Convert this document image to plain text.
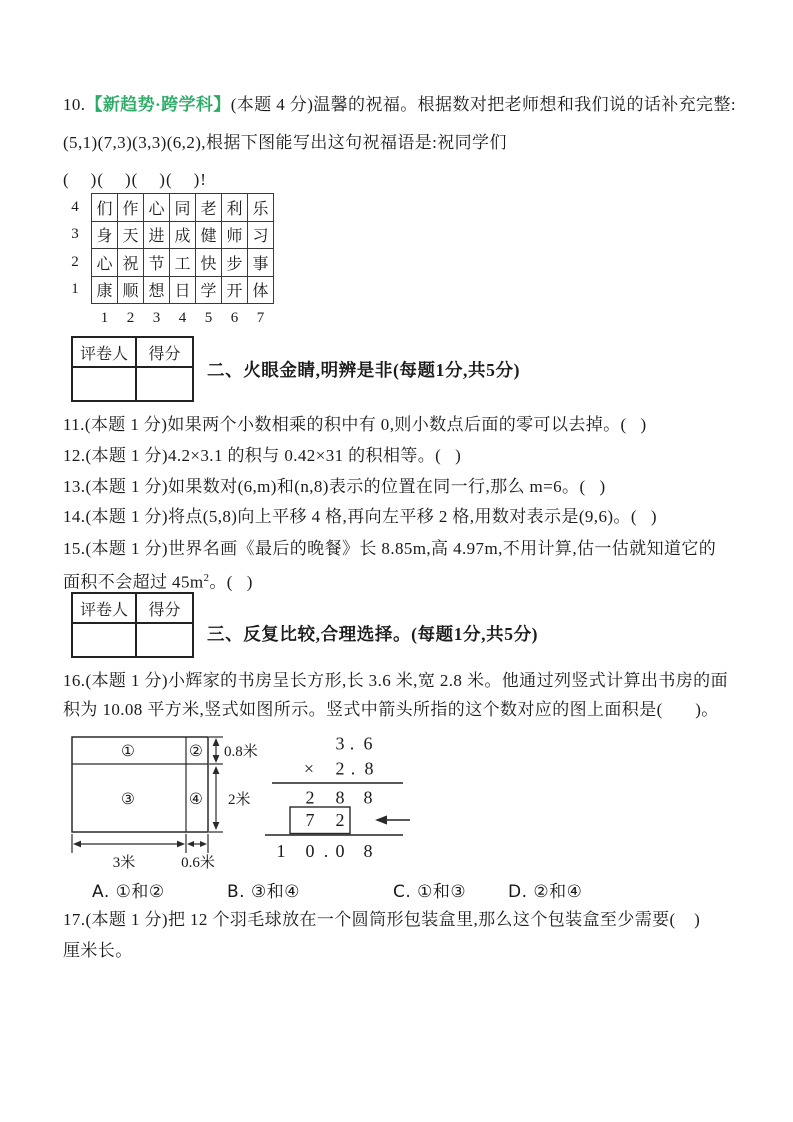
10.【新趋势·跨学科】(本题 4 分)温馨的祝福。根据数对把老师想和我们说的话补充完整:
(5,1)(7,3)(3,3)(6,2),根据下图能写出这句祝福语是:祝同学们
(    )(    )(    )(    )!
4	们	作	心	同	老	利	乐
3	身	天	进	成	健	师	习
2	心	祝	节	工	快	步	事
1	康	顺	想	日	学	开	体
	1	2	3	4	5	6	7
评卷人	得分

二、火眼金睛,明辨是非(每题1分,共5分)
11.(本题 1 分)如果两个小数相乘的积中有 0,则小数点后面的零可以去掉。(   )
12.(本题 1 分)4.2×3.1 的积与 0.42×31 的积相等。(   )
13.(本题 1 分)如果数对(6,m)和(n,8)表示的位置在同一行,那么 m=6。(   )
14.(本题 1 分)将点(5,8)向上平移 4 格,再向左平移 2 格,用数对表示是(9,6)。(   )
15.(本题 1 分)世界名画《最后的晚餐》长 8.85m,高 4.97m,不用计算,估一估就知道它的
面积不会超过 $45m^2$。(   )
评卷人	得分

三、反复比较,合理选择。(每题1分,共5分)
16.(本题 1 分)小辉家的书房呈长方形,长 3.6 米,宽 2.8 米。他通过列竖式计算出书房的面
积为 10.08 平方米,竖式如图所示。竖式中箭头所指的这个数对应的图上面积是(       )。
①	②
③	④
0.8米
2米
3米	0.6米
3 . 6
× 2 . 8
2 8 8
7 2
1 0 . 0 8
A. ①和②	B. ③和④	C. ①和③ D. ②和④
17.(本题 1 分)把 12 个羽毛球放在一个圆筒形包装盒里,那么这个包装盒至少需要(    )
厘米长。
